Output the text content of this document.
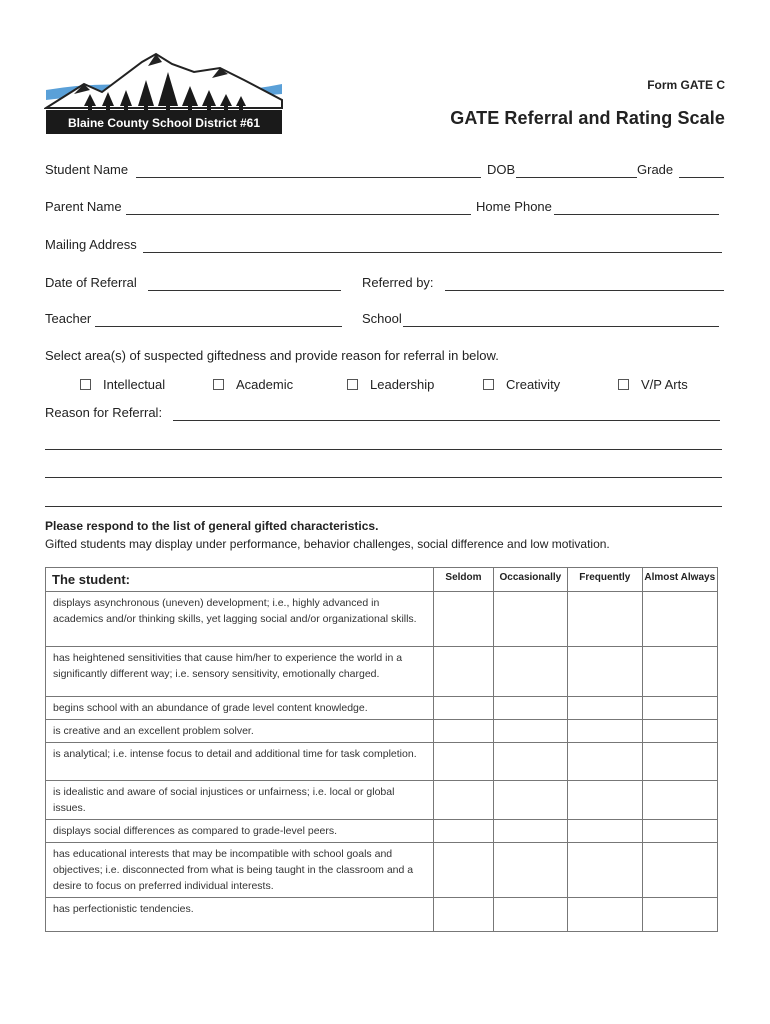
Blaine County School District #61
Form GATE C
GATE Referral and Rating Scale
Student Name	DOB	Grade
Parent Name	Home Phone
Mailing Address
Date of Referral	Referred by:
Teacher	School
Select area(s) of suspected giftedness and provide reason for referral in below.
Intellectual	Academic	Leadership	Creativity	V/P Arts
Reason for Referral:
Please respond to the list of general gifted characteristics.
Gifted students may display under performance, behavior challenges, social difference and low motivation.
The student:	Seldom	Occasionally	Frequently	Almost Always
displays asynchronous (uneven) development; i.e., highly advanced in academics and/or thinking skills, yet lagging social and/or organizational skills.				
has heightened sensitivities that cause him/her to experience the world in a significantly different way; i.e. sensory sensitivity, emotionally charged.				
begins school with an abundance of grade level content knowledge.				
is creative and an excellent problem solver.				
is analytical; i.e. intense focus to detail and additional time for task completion.				
is idealistic and aware of social injustices or unfairness; i.e. local or global issues.				
displays social differences as compared to grade-level peers.				
has educational interests that may be incompatible with school goals and objectives; i.e. disconnected from what is being taught in the classroom and a desire to focus on preferred individual interests.				
has perfectionistic tendencies.				
